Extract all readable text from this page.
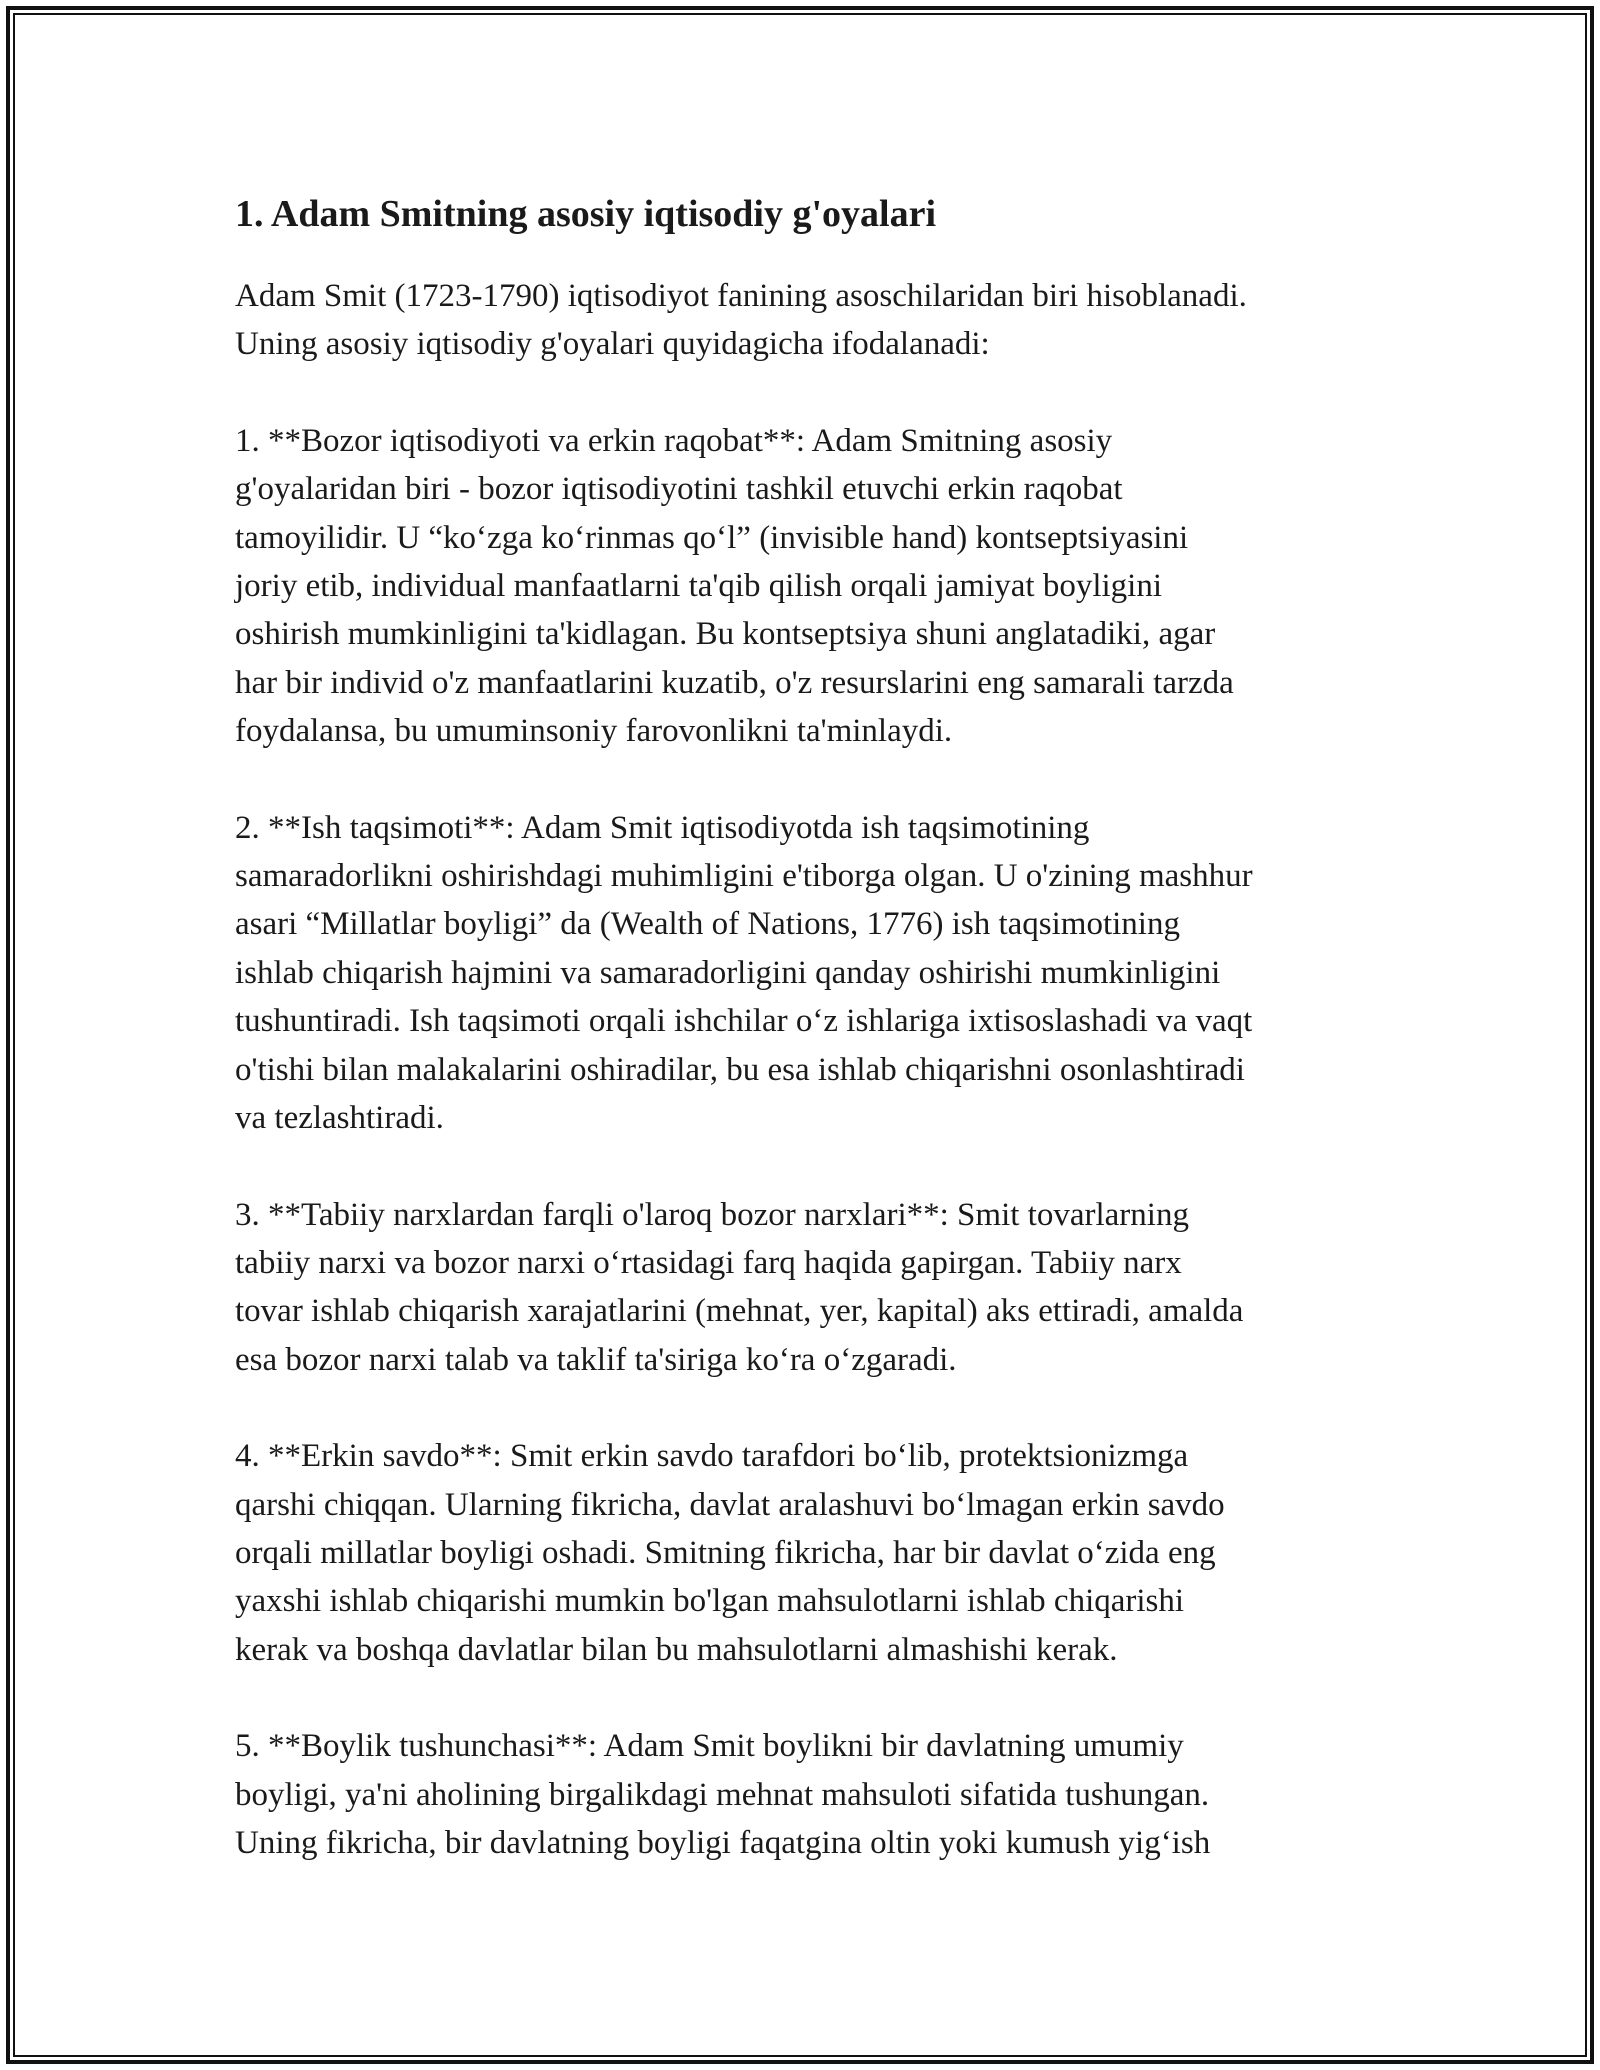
1. Adam Smitning asosiy iqtisodiy g'oyalari
Adam Smit (1723-1790) iqtisodiyot fanining asoschilaridan biri hisoblanadi.
Uning asosiy iqtisodiy g'oyalari quyidagicha ifodalanadi:
1. **Bozor iqtisodiyoti va erkin raqobat**: Adam Smitning asosiy
g'oyalaridan biri - bozor iqtisodiyotini tashkil etuvchi erkin raqobat
tamoyilidir. U “ko‘zga ko‘rinmas qo‘l” (invisible hand) kontseptsiyasini
joriy etib, individual manfaatlarni ta'qib qilish orqali jamiyat boyligini
oshirish mumkinligini ta'kidlagan. Bu kontseptsiya shuni anglatadiki, agar
har bir individ o'z manfaatlarini kuzatib, o'z resurslarini eng samarali tarzda
foydalansa, bu umuminsoniy farovonlikni ta'minlaydi.
2. **Ish taqsimoti**: Adam Smit iqtisodiyotda ish taqsimotining
samaradorlikni oshirishdagi muhimligini e'tiborga olgan. U o'zining mashhur
asari “Millatlar boyligi” da (Wealth of Nations, 1776) ish taqsimotining
ishlab chiqarish hajmini va samaradorligini qanday oshirishi mumkinligini
tushuntiradi. Ish taqsimoti orqali ishchilar o‘z ishlariga ixtisoslashadi va vaqt
o'tishi bilan malakalarini oshiradilar, bu esa ishlab chiqarishni osonlashtiradi
va tezlashtiradi.
3. **Tabiiy narxlardan farqli o'laroq bozor narxlari**: Smit tovarlarning
tabiiy narxi va bozor narxi o‘rtasidagi farq haqida gapirgan. Tabiiy narx
tovar ishlab chiqarish xarajatlarini (mehnat, yer, kapital) aks ettiradi, amalda
esa bozor narxi talab va taklif ta'siriga ko‘ra o‘zgaradi.
4. **Erkin savdo**: Smit erkin savdo tarafdori bo‘lib, protektsionizmga
qarshi chiqqan. Ularning fikricha, davlat aralashuvi bo‘lmagan erkin savdo
orqali millatlar boyligi oshadi. Smitning fikricha, har bir davlat o‘zida eng
yaxshi ishlab chiqarishi mumkin bo'lgan mahsulotlarni ishlab chiqarishi
kerak va boshqa davlatlar bilan bu mahsulotlarni almashishi kerak.
5. **Boylik tushunchasi**: Adam Smit boylikni bir davlatning umumiy
boyligi, ya'ni aholining birgalikdagi mehnat mahsuloti sifatida tushungan.
Uning fikricha, bir davlatning boyligi faqatgina oltin yoki kumush yig‘ish
